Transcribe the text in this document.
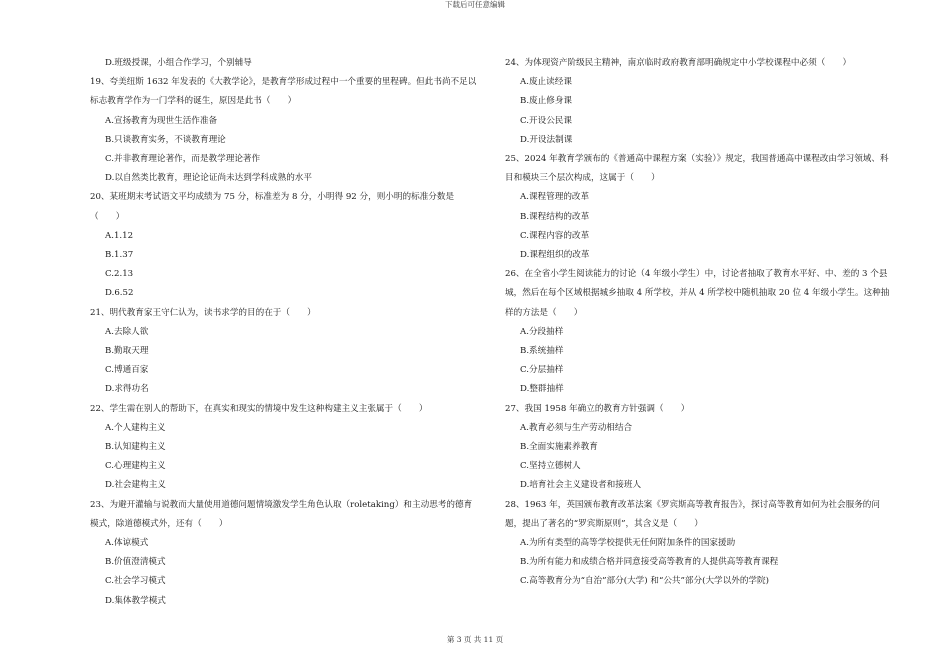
下载后可任意编辑
D.班级授课，小组合作学习，个别辅导
19、夸美纽斯 1632 年发表的《大教学论》，是教育学形成过程中一个重要的里程碑。但此书尚不足以标志教育学作为一门学科的诞生，原因是此书（　　）
A.宣扬教育为现世生活作准备
B.只谈教育实务，不谈教育理论
C.并非教育理论著作，而是教学理论著作
D.以自然类比教育，理论论证尚未达到学科成熟的水平
20、某班期末考试语文平均成绩为 75 分，标准差为 8 分，小明得 92 分，则小明的标准分数是（　　）
A.1.12
B.1.37
C.2.13
D.6.52
21、明代教育家王守仁认为，读书求学的目的在于（　　）
A.去除人欲
B.勤取天理
C.博通百家
D.求得功名
22、学生需在别人的帮助下，在真实和现实的情境中发生这种构建主义主张属于（　　）
A.个人建构主义
B.认知建构主义
C.心理建构主义
D.社会建构主义
23、为避开灌输与说教而大量使用道德问题情境激发学生角色认取（roletaking）和主动思考的德育模式，除道德模式外，还有（　　）
A.体谅模式
B.价值澄清模式
C.社会学习模式
D.集体教学模式
24、为体现资产阶级民主精神，南京临时政府教育部明确规定中小学校课程中必须（　　）
A.废止读经课
B.废止修身课
C.开设公民课
D.开设法制课
25、2024 年教育学颁布的《普通高中课程方案（实验）》规定，我国普通高中课程改由学习领域、科目和模块三个层次构成，这属于（　　）
A.课程管理的改革
B.课程结构的改革
C.课程内容的改革
D.课程组织的改革
26、在全省小学生阅读能力的讨论（4 年级小学生）中，讨论者抽取了教育水平好、中、差的 3 个县城，然后在每个区域根据城乡抽取 4 所学校，并从 4 所学校中随机抽取 20 位 4 年级小学生。这种抽样的方法是（　　）
A.分段抽样
B.系统抽样
C.分层抽样
D.整群抽样
27、我国 1958 年确立的教育方针强调（　　）
A.教育必须与生产劳动相结合
B.全面实施素养教育
C.坚持立德树人
D.培育社会主义建设者和接班人
28、1963 年，英国颁布教育改革法案《罗宾斯高等教育报告》，探讨高等教育如何为社会服务的问题，提出了著名的“罗宾斯原则”，其含义是（　　）
A.为所有类型的高等学校提供无任何附加条件的国家援助
B.为所有能力和成绩合格并同意接受高等教育的人提供高等教育课程
C.高等教育分为“自治”部分(大学) 和“公共”部分(大学以外的学院)
第 3 页 共 11 页
